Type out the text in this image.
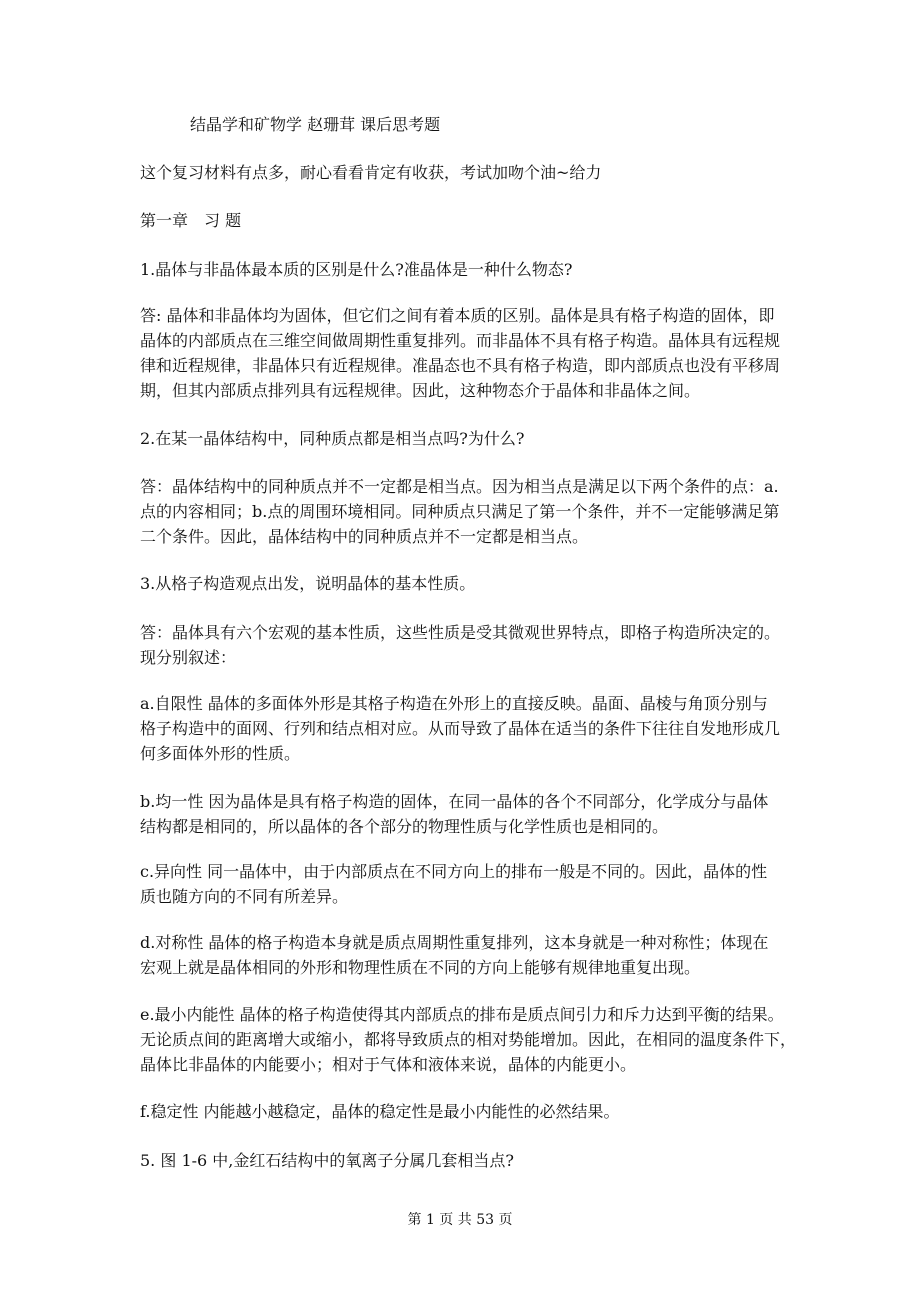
结晶学和矿物学 赵珊茸 课后思考题
这个复习材料有点多，耐心看看肯定有收获，考试加吻个油~给力
第一章　习 题
1.晶体与非晶体最本质的区别是什么?准晶体是一种什么物态?
答: 晶体和非晶体均为固体，但它们之间有着本质的区别。晶体是具有格子构造的固体，即
晶体的内部质点在三维空间做周期性重复排列。而非晶体不具有格子构造。晶体具有远程规
律和近程规律，非晶体只有近程规律。准晶态也不具有格子构造，即内部质点也没有平移周
期，但其内部质点排列具有远程规律。因此，这种物态介于晶体和非晶体之间。
2.在某一晶体结构中，同种质点都是相当点吗?为什么?
答：晶体结构中的同种质点并不一定都是相当点。因为相当点是满足以下两个条件的点：a.
点的内容相同；b.点的周围环境相同。同种质点只满足了第一个条件，并不一定能够满足第
二个条件。因此，晶体结构中的同种质点并不一定都是相当点。
3.从格子构造观点出发，说明晶体的基本性质。
答：晶体具有六个宏观的基本性质，这些性质是受其微观世界特点，即格子构造所决定的。
现分别叙述：
a.自限性 晶体的多面体外形是其格子构造在外形上的直接反映。晶面、晶棱与角顶分别与
格子构造中的面网、行列和结点相对应。从而导致了晶体在适当的条件下往往自发地形成几
何多面体外形的性质。
b.均一性 因为晶体是具有格子构造的固体，在同一晶体的各个不同部分，化学成分与晶体
结构都是相同的，所以晶体的各个部分的物理性质与化学性质也是相同的。
c.异向性 同一晶体中，由于内部质点在不同方向上的排布一般是不同的。因此，晶体的性
质也随方向的不同有所差异。
d.对称性 晶体的格子构造本身就是质点周期性重复排列，这本身就是一种对称性；体现在
宏观上就是晶体相同的外形和物理性质在不同的方向上能够有规律地重复出现。
e.最小内能性 晶体的格子构造使得其内部质点的排布是质点间引力和斥力达到平衡的结果。
无论质点间的距离增大或缩小，都将导致质点的相对势能增加。因此，在相同的温度条件下，
晶体比非晶体的内能要小；相对于气体和液体来说，晶体的内能更小。
f.稳定性 内能越小越稳定，晶体的稳定性是最小内能性的必然结果。
5. 图 1-6 中,金红石结构中的氧离子分属几套相当点?
第 1 页 共 53 页
